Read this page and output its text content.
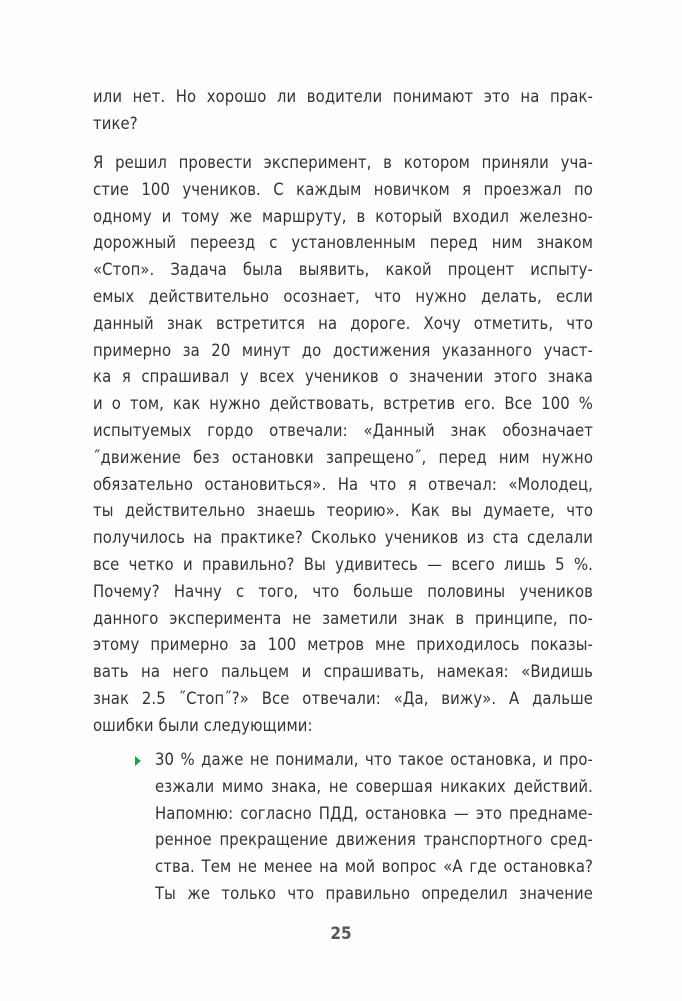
или нет. Но хорошо ли водители понимают это на прак-
тике?
Я решил провести эксперимент, в котором приняли уча-
стие 100 учеников. С каждым новичком я проезжал по
одному и тому же маршруту, в который входил железно-
дорожный переезд с установленным перед ним знаком
«Стоп». Задача была выявить, какой процент испыту-
емых действительно осознает, что нужно делать, если
данный знак встретится на дороге. Хочу отметить, что
примерно за 20 минут до достижения указанного участ-
ка я спрашивал у всех учеников о значении этого знака
и о том, как нужно действовать, встретив его. Все 100 %
испытуемых гордо отвечали: «Данный знак обозначает
˝движение без остановки запрещено˝, перед ним нужно
обязательно остановиться». На что я отвечал: «Молодец,
ты действительно знаешь теорию». Как вы думаете, что
получилось на практике? Сколько учеников из ста сделали
все четко и правильно? Вы удивитесь — всего лишь 5 %.
Почему? Начну с того, что больше половины учеников
данного эксперимента не заметили знак в принципе, по-
этому примерно за 100 метров мне приходилось показы-
вать на него пальцем и спрашивать, намекая: «Видишь
знак 2.5 ˝Стоп˝?» Все отвечали: «Да, вижу». А дальше
ошибки были следующими:
30 % даже не понимали, что такое остановка, и про-
езжали мимо знака, не совершая никаких действий.
Напомню: согласно ПДД, остановка — это преднаме-
ренное прекращение движения транспортного сред-
ства. Тем не менее на мой вопрос «А где остановка?
Ты же только что правильно определил значение
25
